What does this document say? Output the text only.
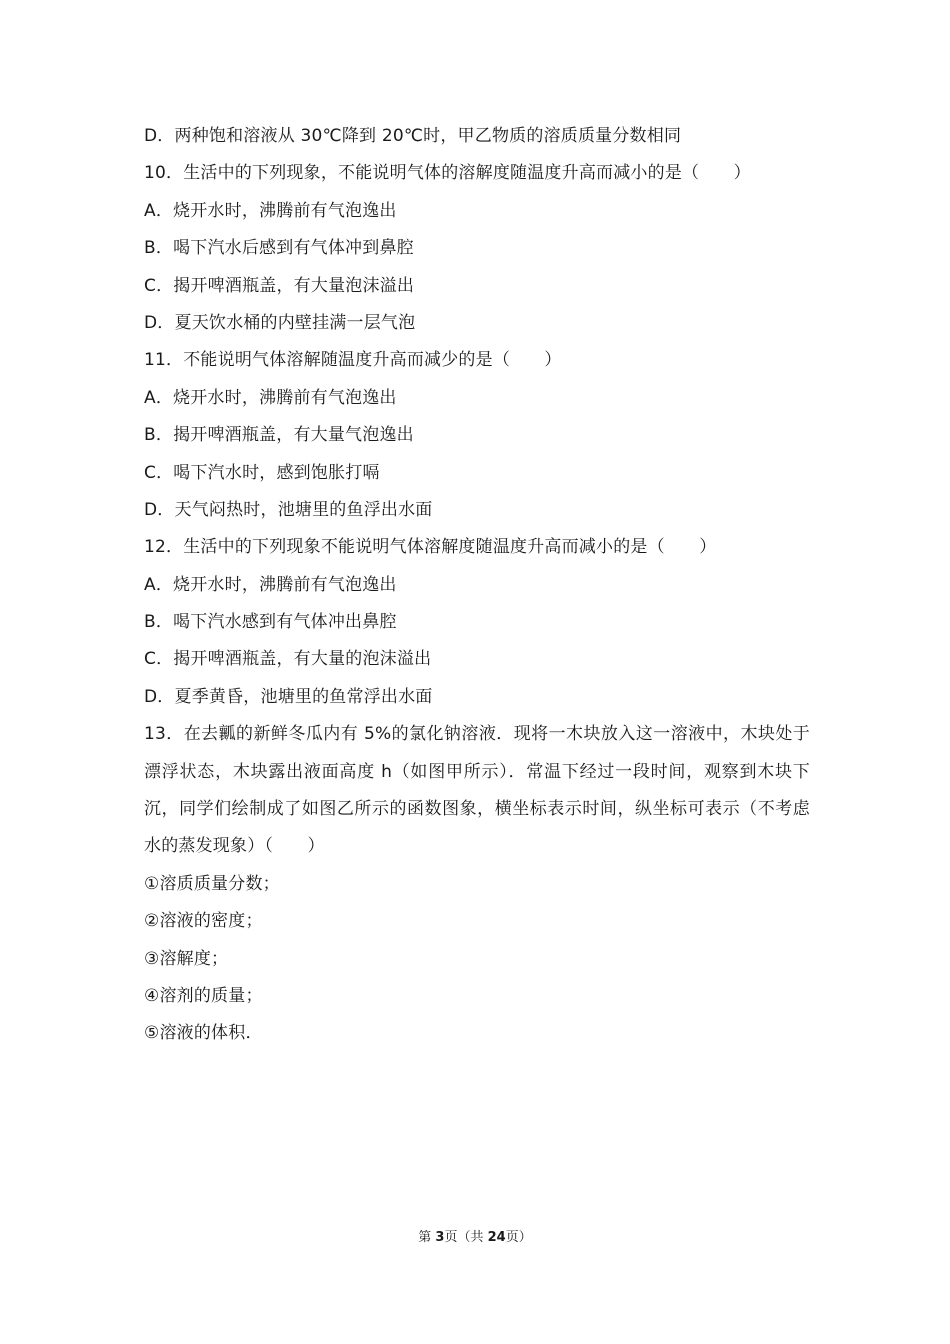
D．两种饱和溶液从 30℃降到 20℃时，甲乙物质的溶质质量分数相同
10．生活中的下列现象，不能说明气体的溶解度随温度升高而减小的是（　　）
A．烧开水时，沸腾前有气泡逸出
B．喝下汽水后感到有气体冲到鼻腔
C．揭开啤酒瓶盖，有大量泡沫溢出
D．夏天饮水桶的内壁挂满一层气泡
11．不能说明气体溶解随温度升高而减少的是（　　）
A．烧开水时，沸腾前有气泡逸出
B．揭开啤酒瓶盖，有大量气泡逸出
C．喝下汽水时，感到饱胀打嗝
D．天气闷热时，池塘里的鱼浮出水面
12．生活中的下列现象不能说明气体溶解度随温度升高而减小的是（　　）
A．烧开水时，沸腾前有气泡逸出
B．喝下汽水感到有气体冲出鼻腔
C．揭开啤酒瓶盖，有大量的泡沫溢出
D．夏季黄昏，池塘里的鱼常浮出水面
13．在去瓤的新鲜冬瓜内有 5%的氯化钠溶液．现将一木块放入这一溶液中，木块处于漂浮状态，木块露出液面高度 h（如图甲所示）．常温下经过一段时间，观察到木块下沉，同学们绘制成了如图乙所示的函数图象，横坐标表示时间，纵坐标可表示（不考虑水的蒸发现象）（　　）
①溶质质量分数；
②溶液的密度；
③溶解度；
④溶剂的质量；
⑤溶液的体积．
第 3页（共 24页）
